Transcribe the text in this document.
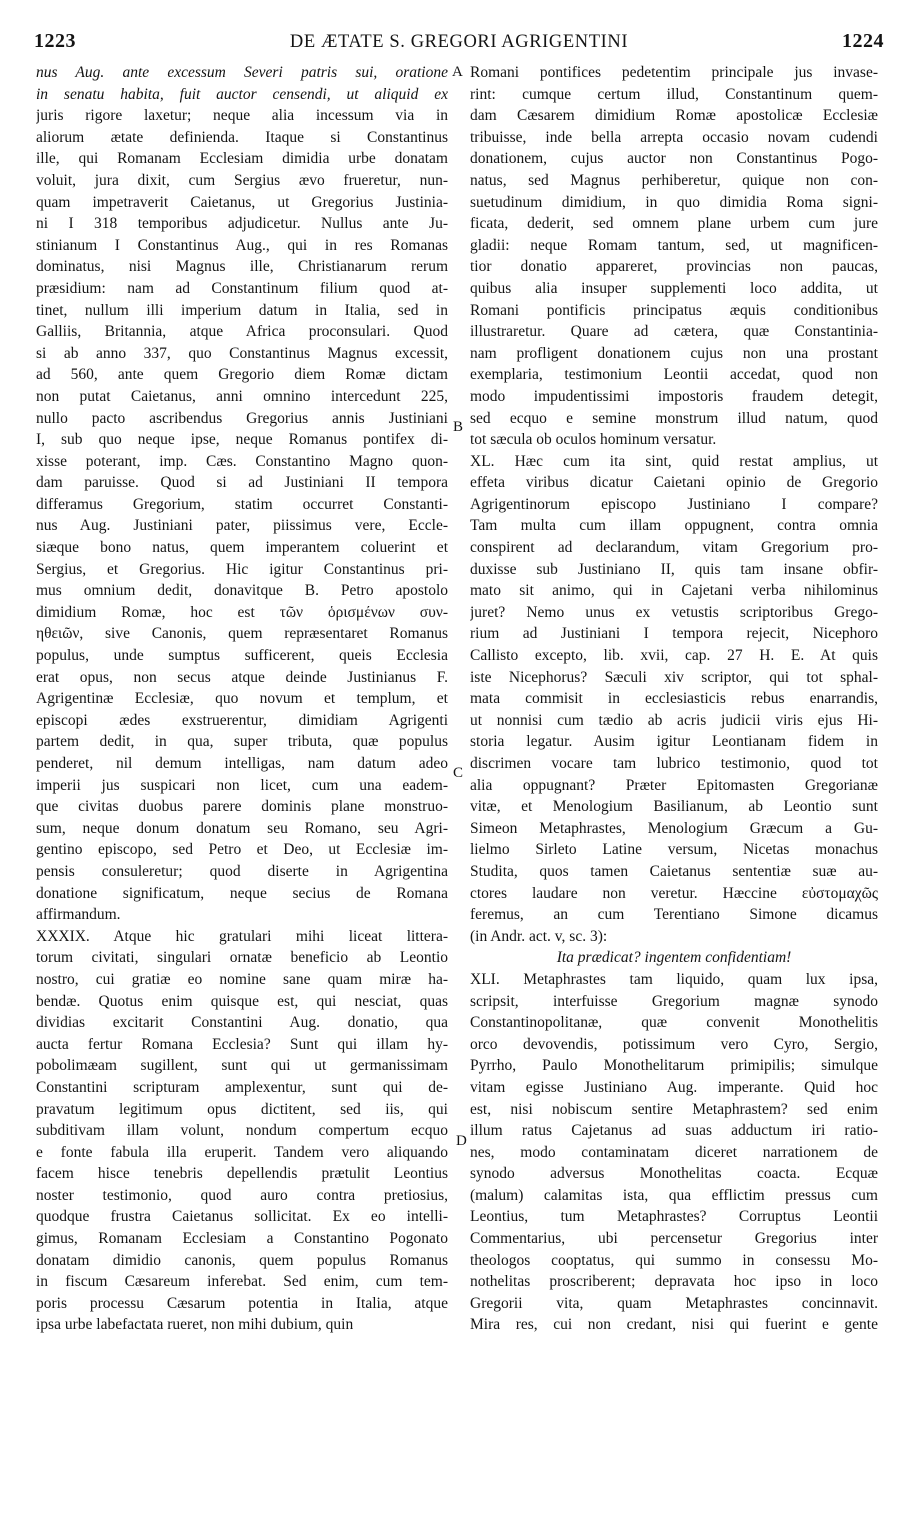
1223	DE ÆTATE S. GREGORI AGRIGENTINI	1224
nus Aug. ante excessum Severi patris sui, oratione
in senatu habita, fuit auctor censendi, ut aliquid ex
juris rigore laxetur; neque alia incessum via in
aliorum ætate definienda. Itaque si Constantinus
ille, qui Romanam Ecclesiam dimidia urbe donatam
voluit, jura dixit, cum Sergius ævo frueretur, nun-
quam impetraverit Caietanus, ut Gregorius Justinia-
ni I 318 temporibus adjudicetur. Nullus ante Ju-
stinianum I Constantinus Aug., qui in res Romanas
dominatus, nisi Magnus ille, Christianarum rerum
præsidium: nam ad Constantinum filium quod at-
tinet, nullum illi imperium datum in Italia, sed in
Galliis, Britannia, atque Africa proconsulari. Quod
si ab anno 337, quo Constantinus Magnus excessit,
ad 560, ante quem Gregorio diem Romæ dictam
non putat Caietanus, anni omnino intercedunt 225,
nullo pacto ascribendus Gregorius annis Justiniani
I, sub quo neque ipse, neque Romanus pontifex di-
xisse poterant, imp. Cæs. Constantino Magno quon-
dam paruisse. Quod si ad Justiniani II tempora
differamus Gregorium, statim occurret Constanti-
nus Aug. Justiniani pater, piissimus vere, Eccle-
siæque bono natus, quem imperantem coluerint et
Sergius, et Gregorius. Hic igitur Constantinus pri-
mus omnium dedit, donavitque B. Petro apostolo
dimidium Romæ, hoc est τῶν ὁρισμένων συν-
ηθειῶν, sive Canonis, quem repræsentaret Romanus
populus, unde sumptus sufficerent, queis Ecclesia
erat opus, non secus atque deinde Justinianus F.
Agrigentinæ Ecclesiæ, quo novum et templum, et
episcopi ædes exstruerentur, dimidiam Agrigenti
partem dedit, in qua, super tributa, quæ populus
penderet, nil demum intelligas, nam datum adeo
imperii jus suspicari non licet, cum una eadem-
que civitas duobus parere dominis plane monstruo-
sum, neque donum donatum seu Romano, seu Agri-
gentino episcopo, sed Petro et Deo, ut Ecclesiæ im-
pensis consuleretur; quod diserte in Agrigentina
donatione significatum, neque secius de Romana
affirmandum.
XXXIX. Atque hic gratulari mihi liceat littera-
torum civitati, singulari ornatæ beneficio ab Leontio
nostro, cui gratiæ eo nomine sane quam miræ ha-
bendæ. Quotus enim quisque est, qui nesciat, quas
dividias excitarit Constantini Aug. donatio, qua
aucta fertur Romana Ecclesia? Sunt qui illam hy-
pobolimæam sugillent, sunt qui ut germanissimam
Constantini scripturam amplexentur, sunt qui de-
pravatum legitimum opus dictitent, sed iis, qui
subditivam illam volunt, nondum compertum ecquo
e fonte fabula illa eruperit. Tandem vero aliquando
facem hisce tenebris depellendis prætulit Leontius
noster testimonio, quod auro contra pretiosius,
quodque frustra Caietanus sollicitat. Ex eo intelli-
gimus, Romanam Ecclesiam a Constantino Pogonato
donatam dimidio canonis, quem populus Romanus
in fiscum Cæsareum inferebat. Sed enim, cum tem-
poris processu Cæsarum potentia in Italia, atque
ipsa urbe labefactata rueret, non mihi dubium, quin
Romani pontifices pedetentim principale jus invase-
rint: cumque certum illud, Constantinum quem-
dam Cæsarem dimidium Romæ apostolicæ Ecclesiæ
tribuisse, inde bella arrepta occasio novam cudendi
donationem, cujus auctor non Constantinus Pogo-
natus, sed Magnus perhiberetur, quique non con-
suetudinum dimidium, in quo dimidia Roma signi-
ficata, dederit, sed omnem plane urbem cum jure
gladii: neque Romam tantum, sed, ut magnificen-
tior donatio appareret, provincias non paucas,
quibus alia insuper supplementi loco addita, ut
Romani pontificis principatus æquis conditionibus
illustraretur. Quare ad cætera, quæ Constantinia-
nam profligent donationem cujus non una prostant
exemplaria, testimonium Leontii accedat, quod non
modo impudentissimi impostoris fraudem detegit,
sed ecquo e semine monstrum illud natum, quod
tot sæcula ob oculos hominum versatur.
XL. Hæc cum ita sint, quid restat amplius, ut
effeta viribus dicatur Caietani opinio de Gregorio
Agrigentinorum episcopo Justiniano I compare?
Tam multa cum illam oppugnent, contra omnia
conspirent ad declarandum, vitam Gregorium pro-
duxisse sub Justiniano II, quis tam insane obfir-
mato sit animo, qui in Cajetani verba nihilominus
juret? Nemo unus ex vetustis scriptoribus Grego-
rium ad Justiniani I tempora rejecit, Nicephoro
Callisto excepto, lib. xvii, cap. 27 H. E. At quis
iste Nicephorus? Sæculi xiv scriptor, qui tot sphal-
mata commisit in ecclesiasticis rebus enarrandis,
ut nonnisi cum tædio ab acris judicii viris ejus Hi-
storia legatur. Ausim igitur Leontianam fidem in
discrimen vocare tam lubrico testimonio, quod tot
alia oppugnant? Præter Epitomasten Gregorianæ
vitæ, et Menologium Basilianum, ab Leontio sunt
Simeon Metaphrastes, Menologium Græcum a Gu-
lielmo Sirleto Latine versum, Nicetas monachus
Studita, quos tamen Caietanus sententiæ suæ au-
ctores laudare non veretur. Hæccine εὐστομαχῶς
feremus, an cum Terentiano Simone dicamus
(in Andr. act. v, sc. 3):
Ita prædicat? ingentem confidentiam!
XLI. Metaphrastes tam liquido, quam lux ipsa,
scripsit, interfuisse Gregorium magnæ synodo
Constantinopolitanæ, quæ convenit Monothelitis
orco devovendis, potissimum vero Cyro, Sergio,
Pyrrho, Paulo Monothelitarum primipilis; simulque
vitam egisse Justiniano Aug. imperante. Quid hoc
est, nisi nobiscum sentire Metaphrastem? sed enim
illum ratus Cajetanus ad suas adductum iri ratio-
nes, modo contaminatam diceret narrationem de
synodo adversus Monothelitas coacta. Ecquæ
(malum) calamitas ista, qua efflictim pressus cum
Leontius, tum Metaphrastes? Corruptus Leontii
Commentarius, ubi percensetur Gregorius inter
theologos cooptatus, qui summo in consessu Mo-
nothelitas proscriberent; depravata hoc ipso in loco
Gregorii vita, quam Metaphrastes concinnavit.
Mira res, cui non credant, nisi qui fuerint e gente
A
B
C
D
